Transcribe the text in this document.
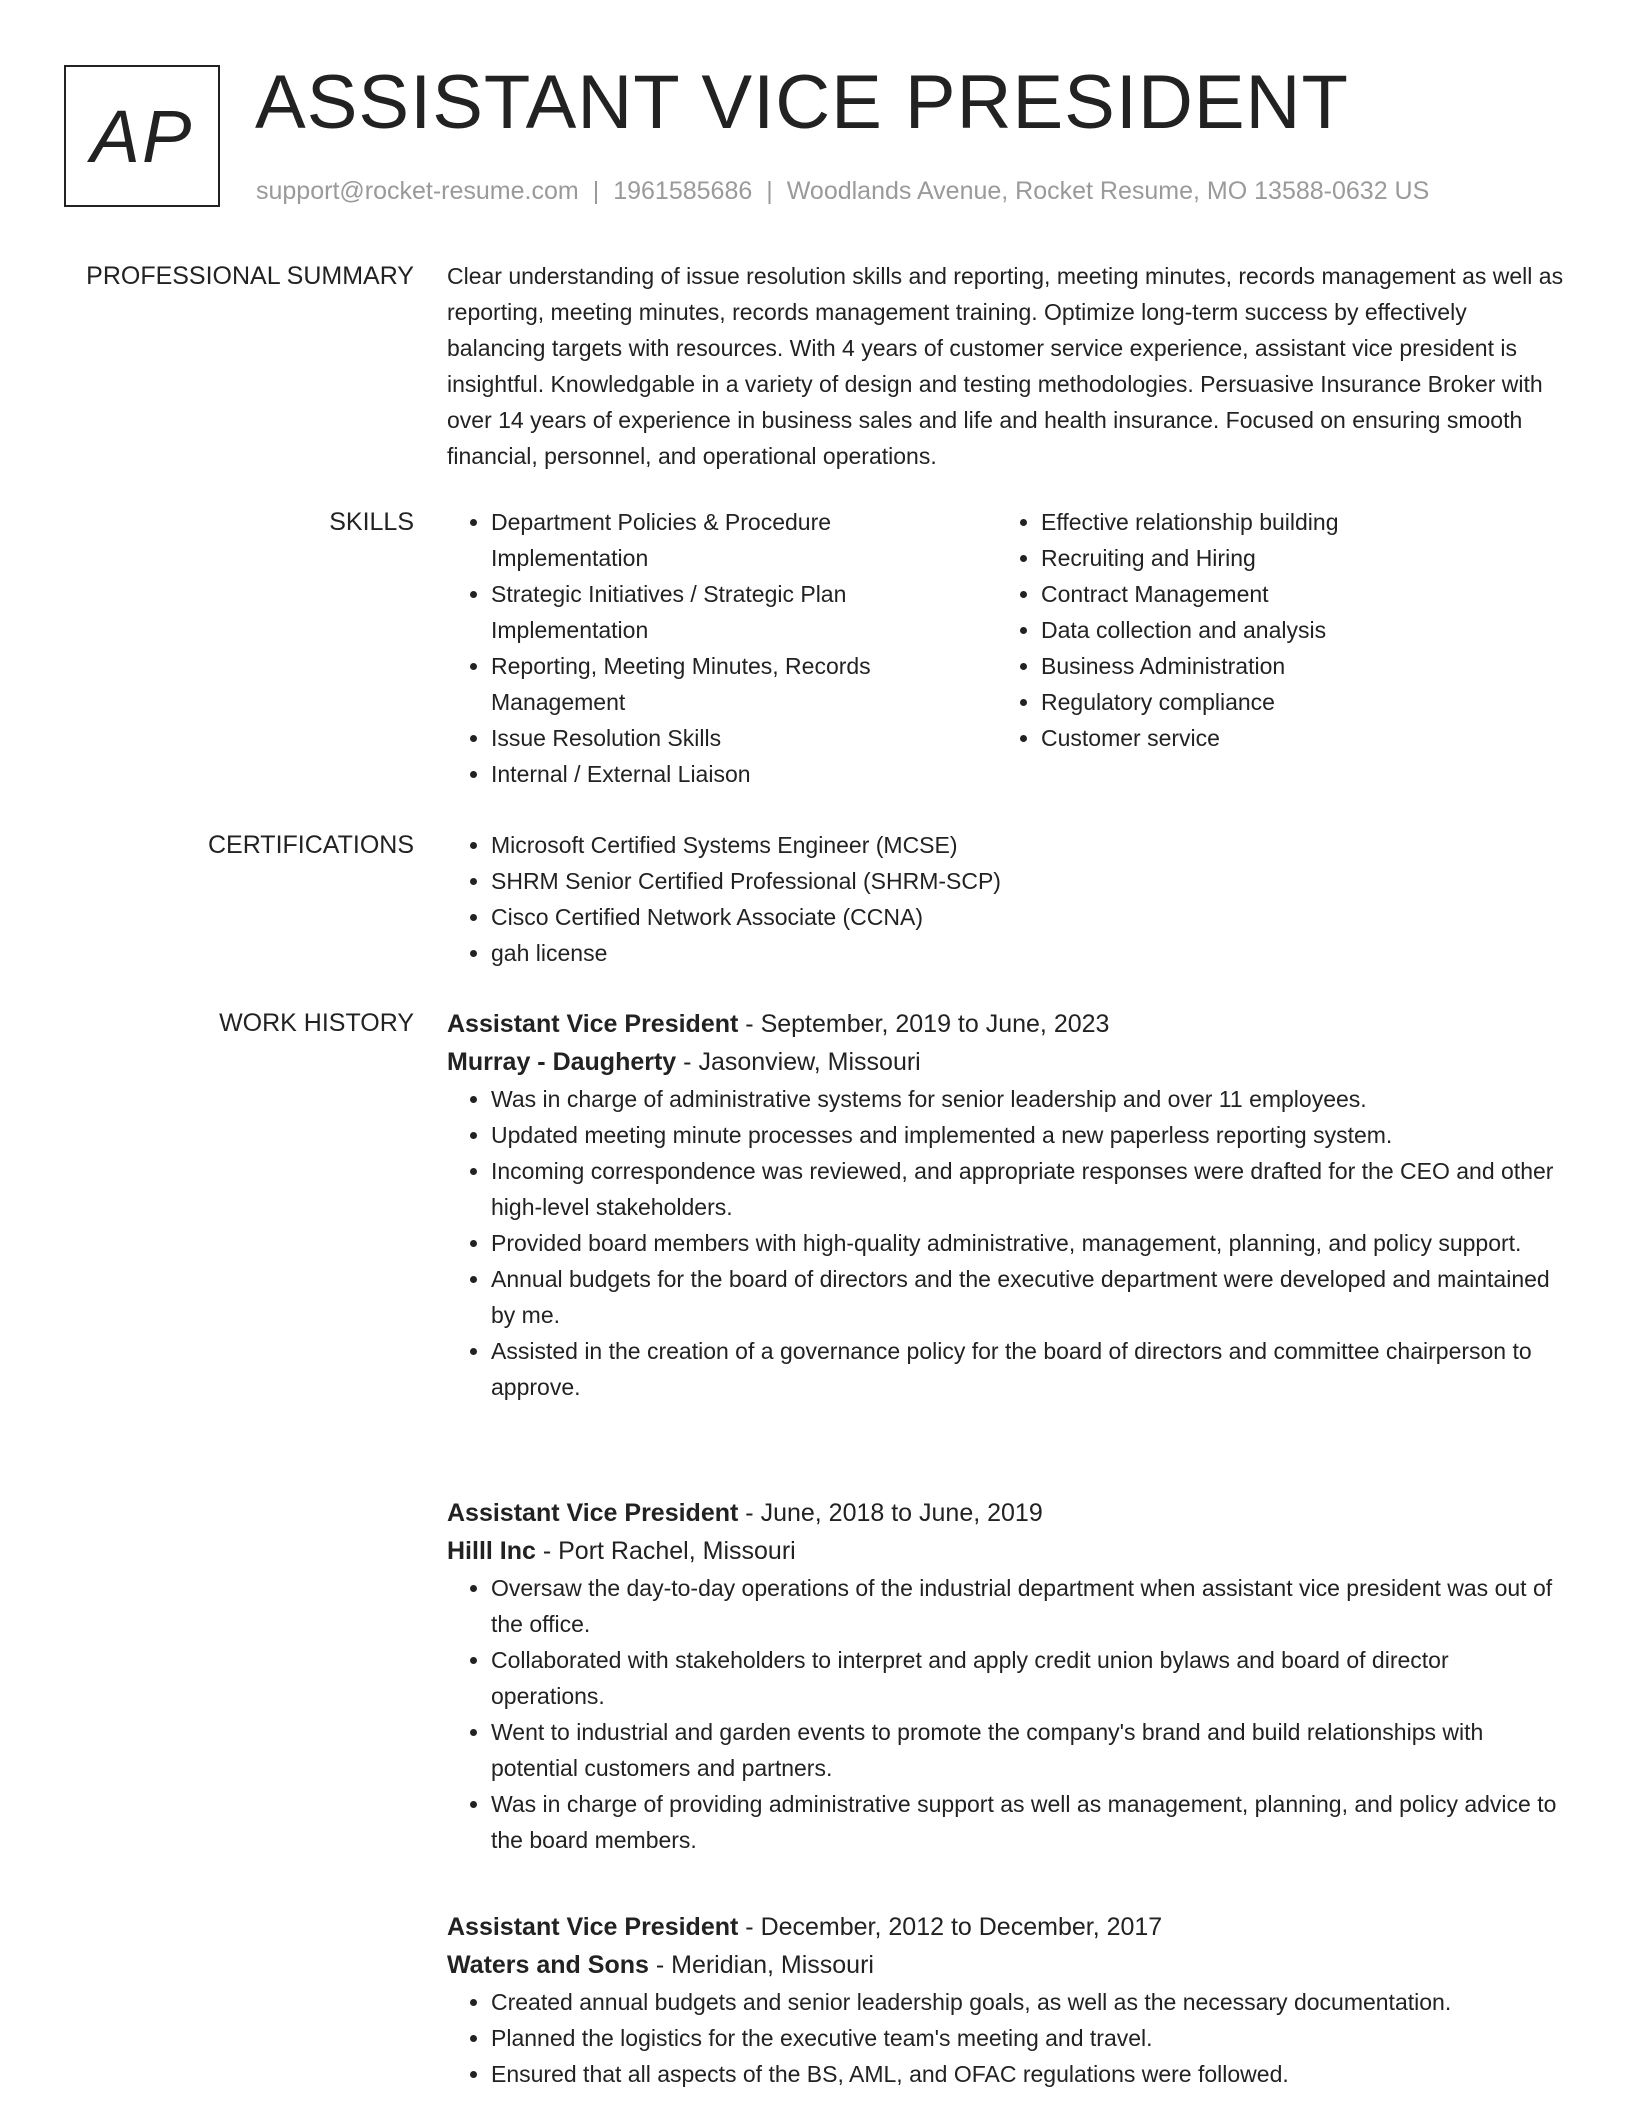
AP ASSISTANT VICE PRESIDENT
support@rocket-resume.com | 1961585686 | Woodlands Avenue, Rocket Resume, MO 13588-0632 US
PROFESSIONAL SUMMARY Clear understanding of issue resolution skills and reporting, meeting minutes, records management as well as reporting, meeting minutes, records management training. Optimize long-term success by effectively balancing targets with resources. With 4 years of customer service experience, assistant vice president is insightful. Knowledgable in a variety of design and testing methodologies. Persuasive Insurance Broker with over 14 years of experience in business sales and life and health insurance. Focused on ensuring smooth financial, personnel, and operational operations.

SKILLS	• Department Policies & Procedure Implementation
• Strategic Initiatives / Strategic Plan Implementation
• Reporting, Meeting Minutes, Records Management
• Issue Resolution Skills
• Internal / External Liaison
• Effective relationship building
• Recruiting and Hiring
• Contract Management
• Data collection and analysis
• Business Administration
• Regulatory compliance
• Customer service
CERTIFICATIONS	• Microsoft Certified Systems Engineer (MCSE)
• SHRM Senior Certified Professional (SHRM-SCP)
• Cisco Certified Network Associate (CCNA)
• gah license
WORK HISTORY Assistant Vice President - September, 2019 to June, 2023
Murray - Daugherty - Jasonview, Missouri
• Was in charge of administrative systems for senior leadership and over 11 employees.
• Updated meeting minute processes and implemented a new paperless reporting system.
• Incoming correspondence was reviewed, and appropriate responses were drafted for the CEO and other high-level stakeholders.
• Provided board members with high-quality administrative, management, planning, and policy support.
• Annual budgets for the board of directors and the executive department were developed and maintained by me.
• Assisted in the creation of a governance policy for the board of directors and committee chairperson to approve.
Assistant Vice President - June, 2018 to June, 2019
Hilll Inc - Port Rachel, Missouri
• Oversaw the day-to-day operations of the industrial department when assistant vice president was out of the office.
• Collaborated with stakeholders to interpret and apply credit union bylaws and board of director operations.
• Went to industrial and garden events to promote the company's brand and build relationships with potential customers and partners.
• Was in charge of providing administrative support as well as management, planning, and policy advice to the board members.
Assistant Vice President - December, 2012 to December, 2017
Waters and Sons - Meridian, Missouri
• Created annual budgets and senior leadership goals, as well as the necessary documentation.
• Planned the logistics for the executive team's meeting and travel.
• Ensured that all aspects of the BS, AML, and OFAC regulations were followed.
